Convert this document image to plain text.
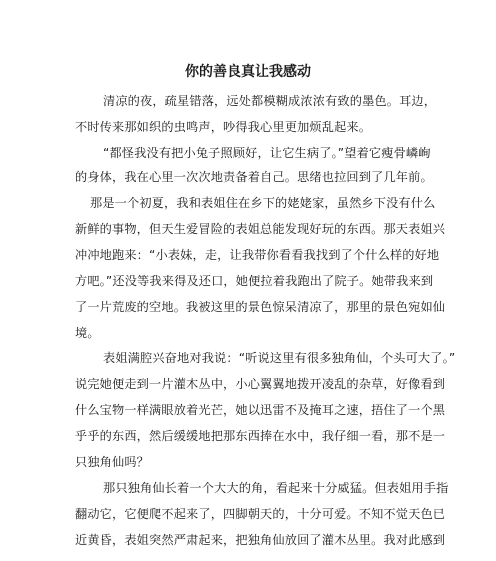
你的善良真让我感动
清凉的夜，疏星错落，远处都模糊成浓浓有致的墨色。耳边，
不时传来那如织的虫鸣声，吵得我心里更加烦乱起来。
“都怪我没有把小兔子照顾好，让它生病了。”望着它瘦骨嶙峋
的身体，我在心里一次次地责备着自己。思绪也拉回到了几年前。
那是一个初夏，我和表姐住在乡下的姥姥家，虽然乡下没有什么
新鲜的事物，但天生爱冒险的表姐总能发现好玩的东西。那天表姐兴
冲冲地跑来：“小表妹，走，让我带你看看我找到了个什么样的好地
方吧。”还没等我来得及还口，她便拉着我跑出了院子。她带我来到
了一片荒废的空地。我被这里的景色惊呆清凉了，那里的景色宛如仙
境。
表姐满腔兴奋地对我说：“听说这里有很多独角仙，个头可大了。”
说完她便走到一片灌木丛中，小心翼翼地拨开凌乱的杂草，好像看到
什么宝物一样满眼放着光芒，她以迅雷不及掩耳之速，捂住了一个黑
乎乎的东西，然后缓缓地把那东西捧在水中，我仔细一看，那不是一
只独角仙吗？
那只独角仙长着一个大大的角，看起来十分威猛。但表姐用手指
翻动它，它便爬不起来了，四脚朝天的，十分可爱。不知不觉天色已
近黄昏，表姐突然严肃起来，把独角仙放回了灌木丛里。我对此感到
